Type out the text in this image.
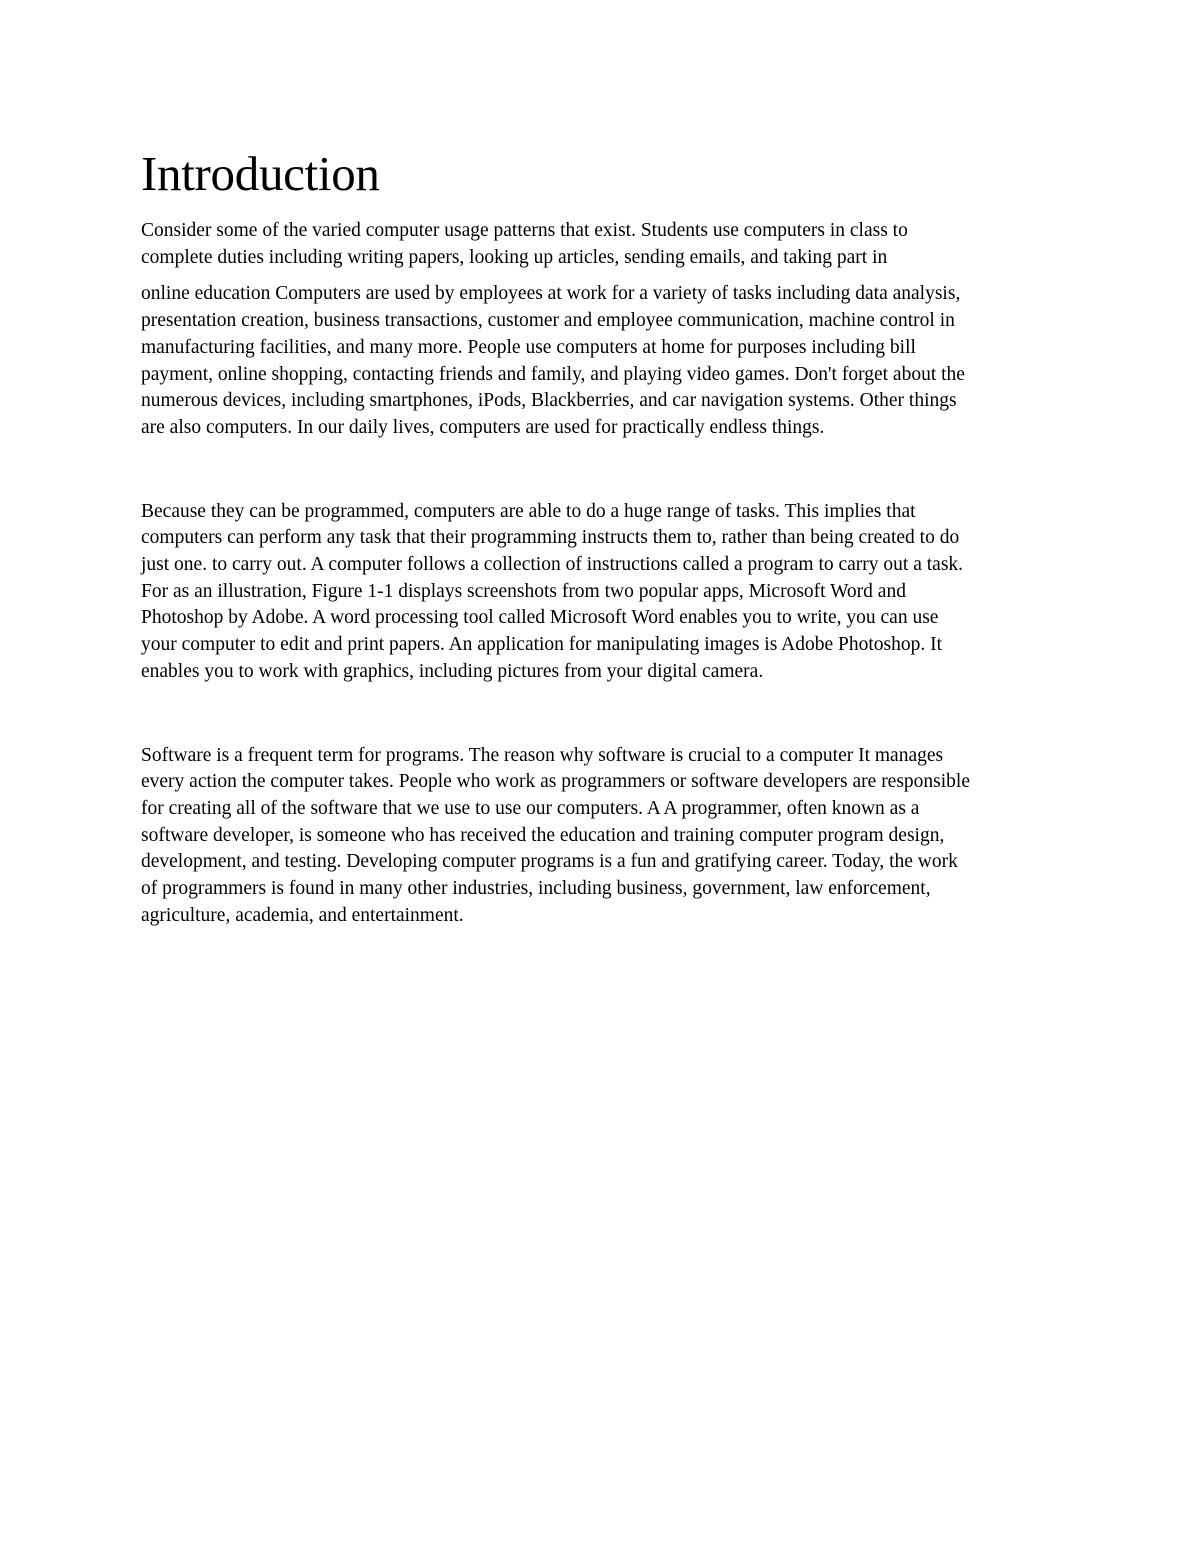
Introduction

Consider some of the varied computer usage patterns that exist. Students use computers in class to
complete duties including writing papers, looking up articles, sending emails, and taking part in

online education Computers are used by employees at work for a variety of tasks including data analysis,
presentation creation, business transactions, customer and employee communication, machine control in
manufacturing facilities, and many more. People use computers at home for purposes including bill
payment, online shopping, contacting friends and family, and playing video games. Don't forget about the
numerous devices, including smartphones, iPods, Blackberries, and car navigation systems. Other things
are also computers. In our daily lives, computers are used for practically endless things.

Because they can be programmed, computers are able to do a huge range of tasks. This implies that
computers can perform any task that their programming instructs them to, rather than being created to do
just one. to carry out. A computer follows a collection of instructions called a program to carry out a task.
For as an illustration, Figure 1-1 displays screenshots from two popular apps, Microsoft Word and
Photoshop by Adobe. A word processing tool called Microsoft Word enables you to write, you can use
your computer to edit and print papers. An application for manipulating images is Adobe Photoshop. It
enables you to work with graphics, including pictures from your digital camera.

Software is a frequent term for programs. The reason why software is crucial to a computer It manages
every action the computer takes. People who work as programmers or software developers are responsible
for creating all of the software that we use to use our computers. A A programmer, often known as a
software developer, is someone who has received the education and training computer program design,
development, and testing. Developing computer programs is a fun and gratifying career. Today, the work
of programmers is found in many other industries, including business, government, law enforcement,
agriculture, academia, and entertainment.
